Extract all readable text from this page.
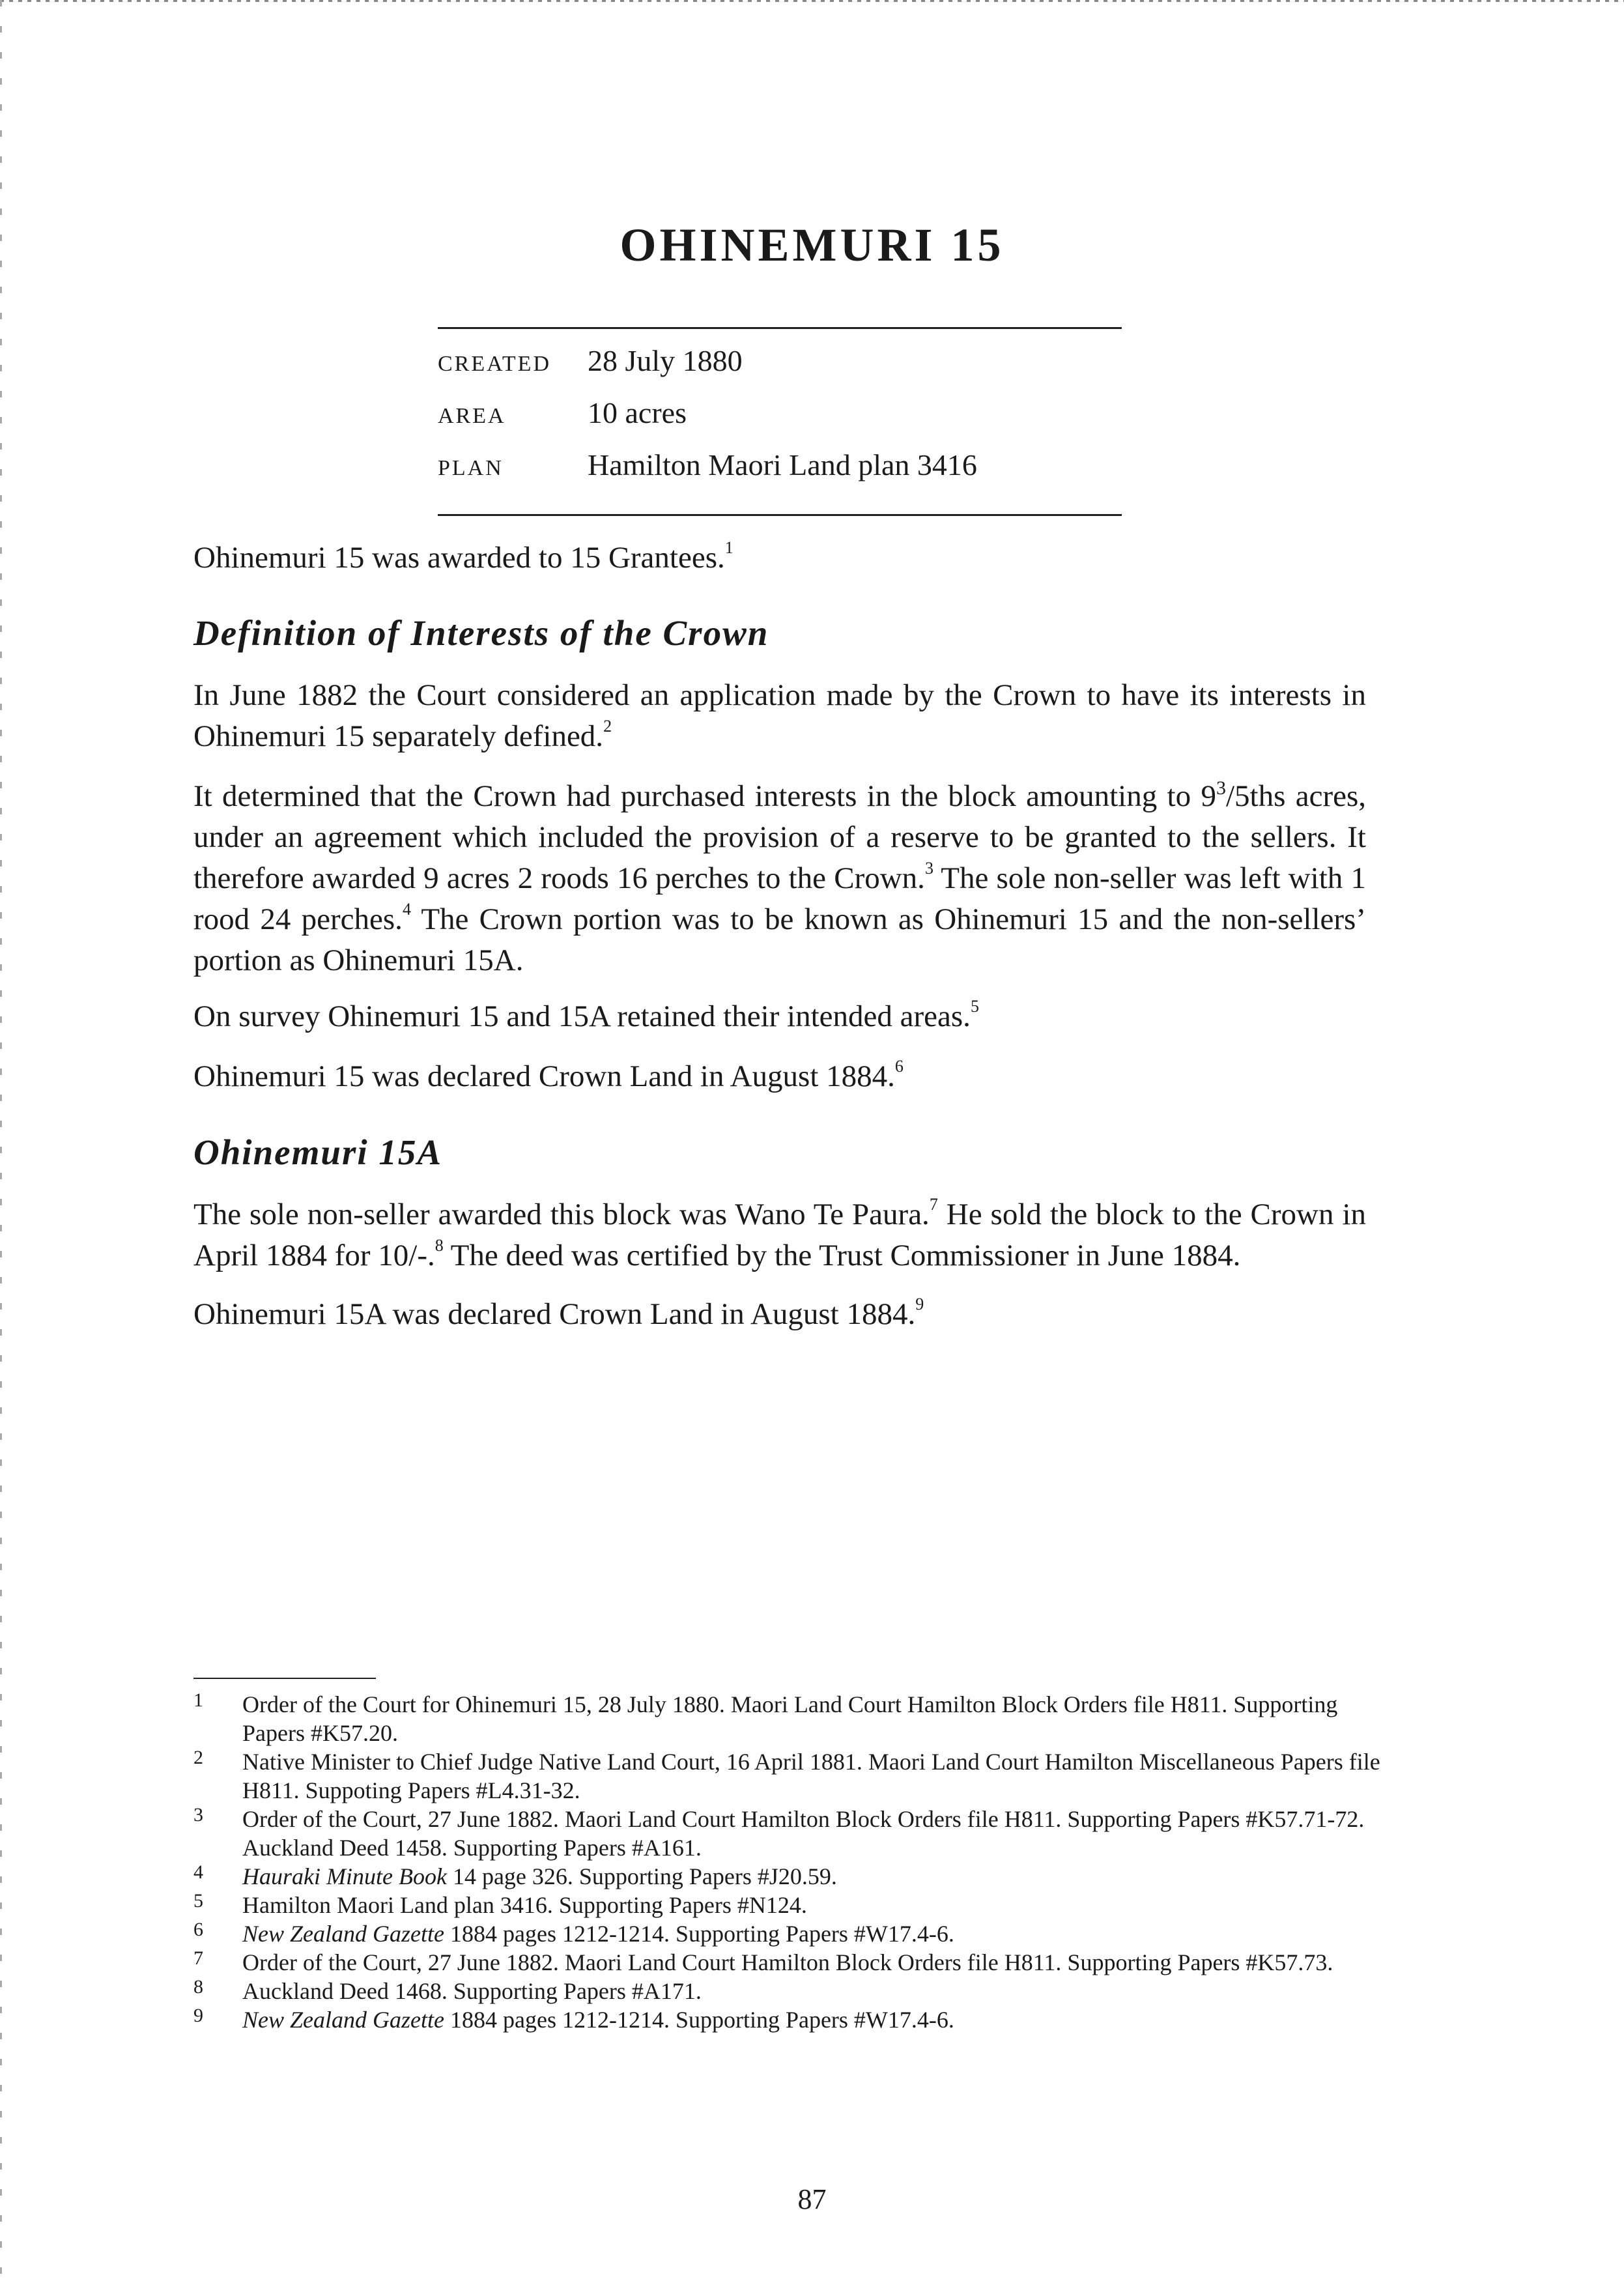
OHINEMURI 15
CREATED	28 July 1880
AREA	10 acres
PLAN	Hamilton Maori Land plan 3416

Ohinemuri 15 was awarded to 15 Grantees.$^1$

Definition of Interests of the Crown

In June 1882 the Court considered an application made by the Crown to have its interests in Ohinemuri 15 separately defined.$^2$

It determined that the Crown had purchased interests in the block amounting to $9^3/5ths$ acres, under an agreement which included the provision of a reserve to be granted to the sellers. It therefore awarded 9 acres 2 roods 16 perches to the Crown.$^3$ The sole non-seller was left with 1 rood 24 perches.$^4$ The Crown portion was to be known as Ohinemuri 15 and the non-sellers’ portion as Ohinemuri 15A.

On survey Ohinemuri 15 and 15A retained their intended areas.$^5$

Ohinemuri 15 was declared Crown Land in August 1884.$^6$

Ohinemuri 15A

The sole non-seller awarded this block was Wano Te Paura.$^7$ He sold the block to the Crown in April 1884 for 10/-.$^8$ The deed was certified by the Trust Commissioner in June 1884.

Ohinemuri 15A was declared Crown Land in August 1884.$^9$

1	Order of the Court for Ohinemuri 15, 28 July 1880. Maori Land Court Hamilton Block Orders file H811. Supporting Papers #K57.20.
2	Native Minister to Chief Judge Native Land Court, 16 April 1881. Maori Land Court Hamilton Miscellaneous Papers file H811. Suppoting Papers #L4.31-32.
3	Order of the Court, 27 June 1882. Maori Land Court Hamilton Block Orders file H811. Supporting Papers #K57.71-72.
Auckland Deed 1458. Supporting Papers #A161.
4	Hauraki Minute Book 14 page 326. Supporting Papers #J20.59.
5	Hamilton Maori Land plan 3416. Supporting Papers #N124.
6	New Zealand Gazette 1884 pages 1212-1214. Supporting Papers #W17.4-6.
7	Order of the Court, 27 June 1882. Maori Land Court Hamilton Block Orders file H811. Supporting Papers #K57.73.
8	Auckland Deed 1468. Supporting Papers #A171.
9	New Zealand Gazette 1884 pages 1212-1214. Supporting Papers #W17.4-6.
87
